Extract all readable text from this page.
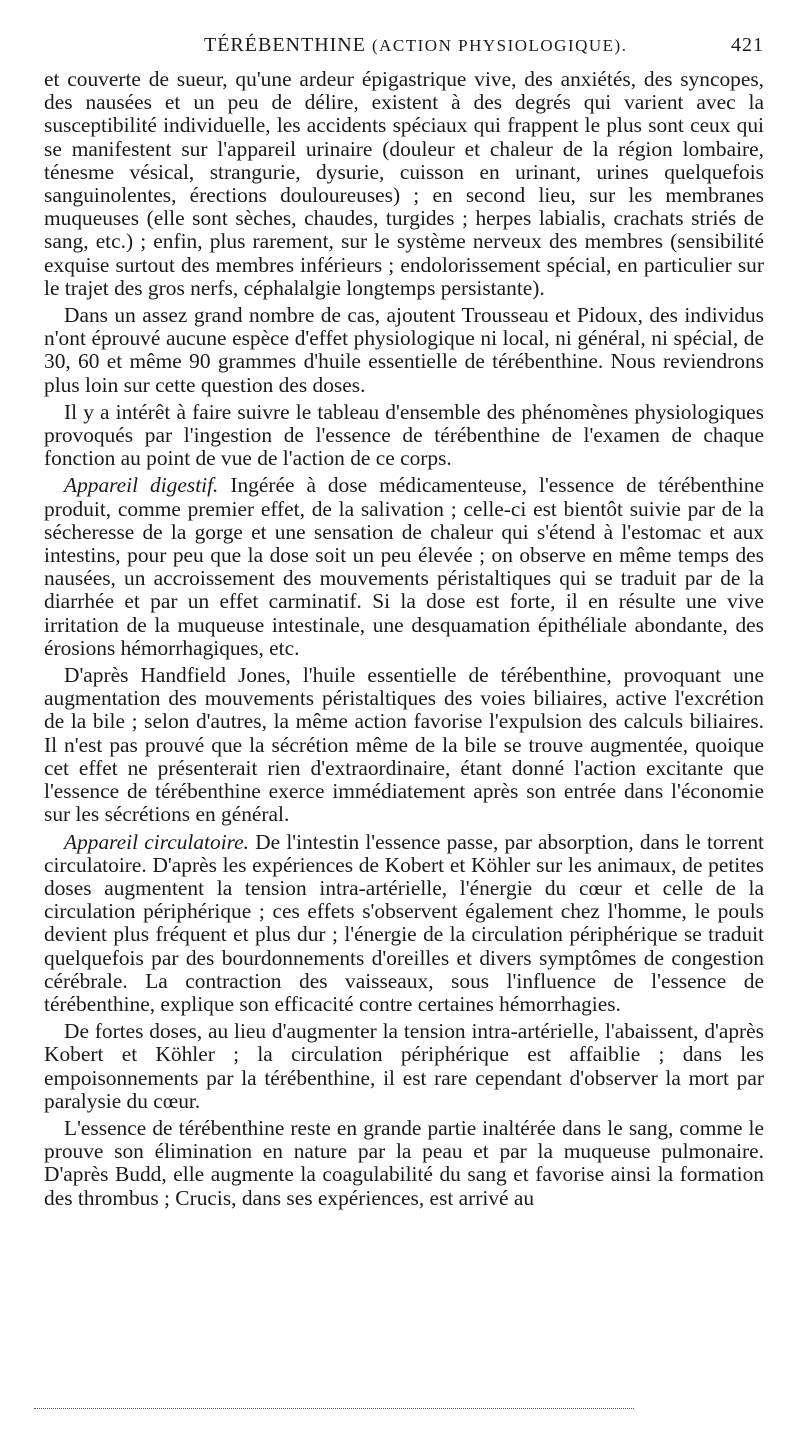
TÉRÉBENTHINE (ACTION PHYSIOLOGIQUE).	421

et couverte de sueur, qu'une ardeur épigastrique vive, des anxiétés, des syncopes, des nausées et un peu de délire, existent à des degrés qui varient avec la susceptibilité individuelle, les accidents spéciaux qui frappent le plus sont ceux qui se manifestent sur l'appareil urinaire (douleur et chaleur de la région lombaire, ténesme vésical, strangurie, dysurie, cuisson en urinant, urines quelquefois sanguinolentes, érections douloureuses) ; en second lieu, sur les membranes muqueuses (elle sont sèches, chaudes, turgides ; herpes labialis, crachats striés de sang, etc.) ; enfin, plus rarement, sur le système nerveux des membres (sensibilité exquise surtout des membres inférieurs ; endolorissement spécial, en particulier sur le trajet des gros nerfs, céphalalgie longtemps persistante).

Dans un assez grand nombre de cas, ajoutent Trousseau et Pidoux, des individus n'ont éprouvé aucune espèce d'effet physiologique ni local, ni général, ni spécial, de 30, 60 et même 90 grammes d'huile essentielle de térébenthine. Nous reviendrons plus loin sur cette question des doses.

Il y a intérêt à faire suivre le tableau d'ensemble des phénomènes physiologiques provoqués par l'ingestion de l'essence de térébenthine de l'examen de chaque fonction au point de vue de l'action de ce corps.

Appareil digestif. Ingérée à dose médicamenteuse, l'essence de térébenthine produit, comme premier effet, de la salivation ; celle-ci est bientôt suivie par de la sécheresse de la gorge et une sensation de chaleur qui s'étend à l'estomac et aux intestins, pour peu que la dose soit un peu élevée ; on observe en même temps des nausées, un accroissement des mouvements péristaltiques qui se traduit par de la diarrhée et par un effet carminatif. Si la dose est forte, il en résulte une vive irritation de la muqueuse intestinale, une desquamation épithéliale abondante, des érosions hémorrhagiques, etc.

D'après Handfield Jones, l'huile essentielle de térébenthine, provoquant une augmentation des mouvements péristaltiques des voies biliaires, active l'excrétion de la bile ; selon d'autres, la même action favorise l'expulsion des calculs biliaires. Il n'est pas prouvé que la sécrétion même de la bile se trouve augmentée, quoique cet effet ne présenterait rien d'extraordinaire, étant donné l'action excitante que l'essence de térébenthine exerce immédiatement après son entrée dans l'économie sur les sécrétions en général.

Appareil circulatoire. De l'intestin l'essence passe, par absorption, dans le torrent circulatoire. D'après les expériences de Kobert et Köhler sur les animaux, de petites doses augmentent la tension intra-artérielle, l'énergie du cœur et celle de la circulation périphérique ; ces effets s'observent également chez l'homme, le pouls devient plus fréquent et plus dur ; l'énergie de la circulation périphérique se traduit quelquefois par des bourdonnements d'oreilles et divers symptômes de congestion cérébrale. La contraction des vaisseaux, sous l'influence de l'essence de térébenthine, explique son efficacité contre certaines hémorrhagies.

De fortes doses, au lieu d'augmenter la tension intra-artérielle, l'abaissent, d'après Kobert et Köhler ; la circulation périphérique est affaiblie ; dans les empoisonnements par la térébenthine, il est rare cependant d'observer la mort par paralysie du cœur.

L'essence de térébenthine reste en grande partie inaltérée dans le sang, comme le prouve son élimination en nature par la peau et par la muqueuse pulmonaire. D'après Budd, elle augmente la coagulabilité du sang et favorise ainsi la formation des thrombus ; Crucis, dans ses expériences, est arrivé au
